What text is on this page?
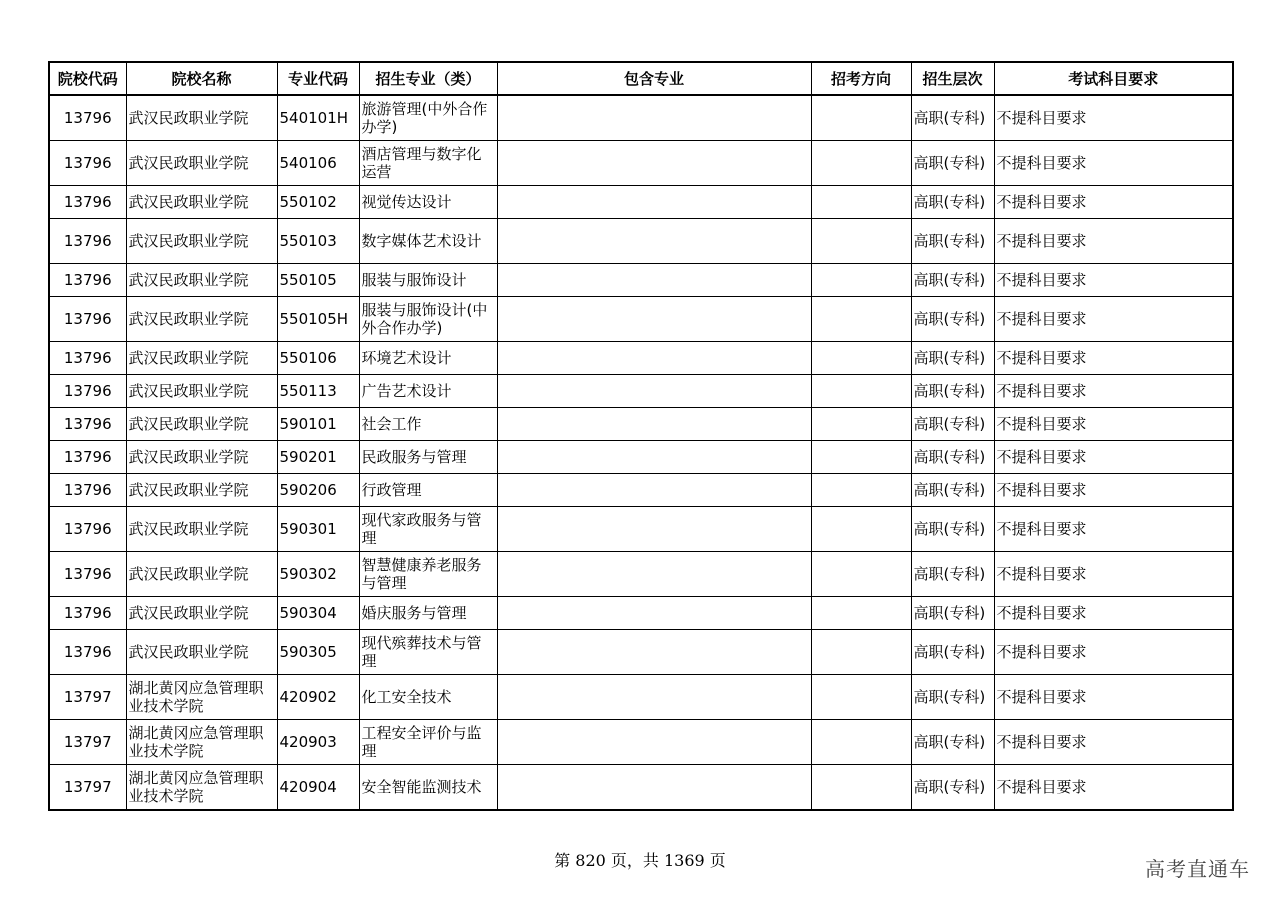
院校代码	院校名称	专业代码	招生专业（类）	包含专业	招考方向	招生层次	考试科目要求
13796	武汉民政职业学院	540101H	旅游管理(中外合作办学)			高职(专科)	不提科目要求
13796	武汉民政职业学院	540106	酒店管理与数字化运营			高职(专科)	不提科目要求
13796	武汉民政职业学院	550102	视觉传达设计			高职(专科)	不提科目要求
13796	武汉民政职业学院	550103	数字媒体艺术设计			高职(专科)	不提科目要求
13796	武汉民政职业学院	550105	服装与服饰设计			高职(专科)	不提科目要求
13796	武汉民政职业学院	550105H	服装与服饰设计(中外合作办学)			高职(专科)	不提科目要求
13796	武汉民政职业学院	550106	环境艺术设计			高职(专科)	不提科目要求
13796	武汉民政职业学院	550113	广告艺术设计			高职(专科)	不提科目要求
13796	武汉民政职业学院	590101	社会工作			高职(专科)	不提科目要求
13796	武汉民政职业学院	590201	民政服务与管理			高职(专科)	不提科目要求
13796	武汉民政职业学院	590206	行政管理			高职(专科)	不提科目要求
13796	武汉民政职业学院	590301	现代家政服务与管理			高职(专科)	不提科目要求
13796	武汉民政职业学院	590302	智慧健康养老服务与管理			高职(专科)	不提科目要求
13796	武汉民政职业学院	590304	婚庆服务与管理			高职(专科)	不提科目要求
13796	武汉民政职业学院	590305	现代殡葬技术与管理			高职(专科)	不提科目要求
13797	湖北黄冈应急管理职业技术学院	420902	化工安全技术			高职(专科)	不提科目要求
13797	湖北黄冈应急管理职业技术学院	420903	工程安全评价与监理			高职(专科)	不提科目要求
13797	湖北黄冈应急管理职业技术学院	420904	安全智能监测技术			高职(专科)	不提科目要求
第 820 页，共 1369 页	高考直通车
